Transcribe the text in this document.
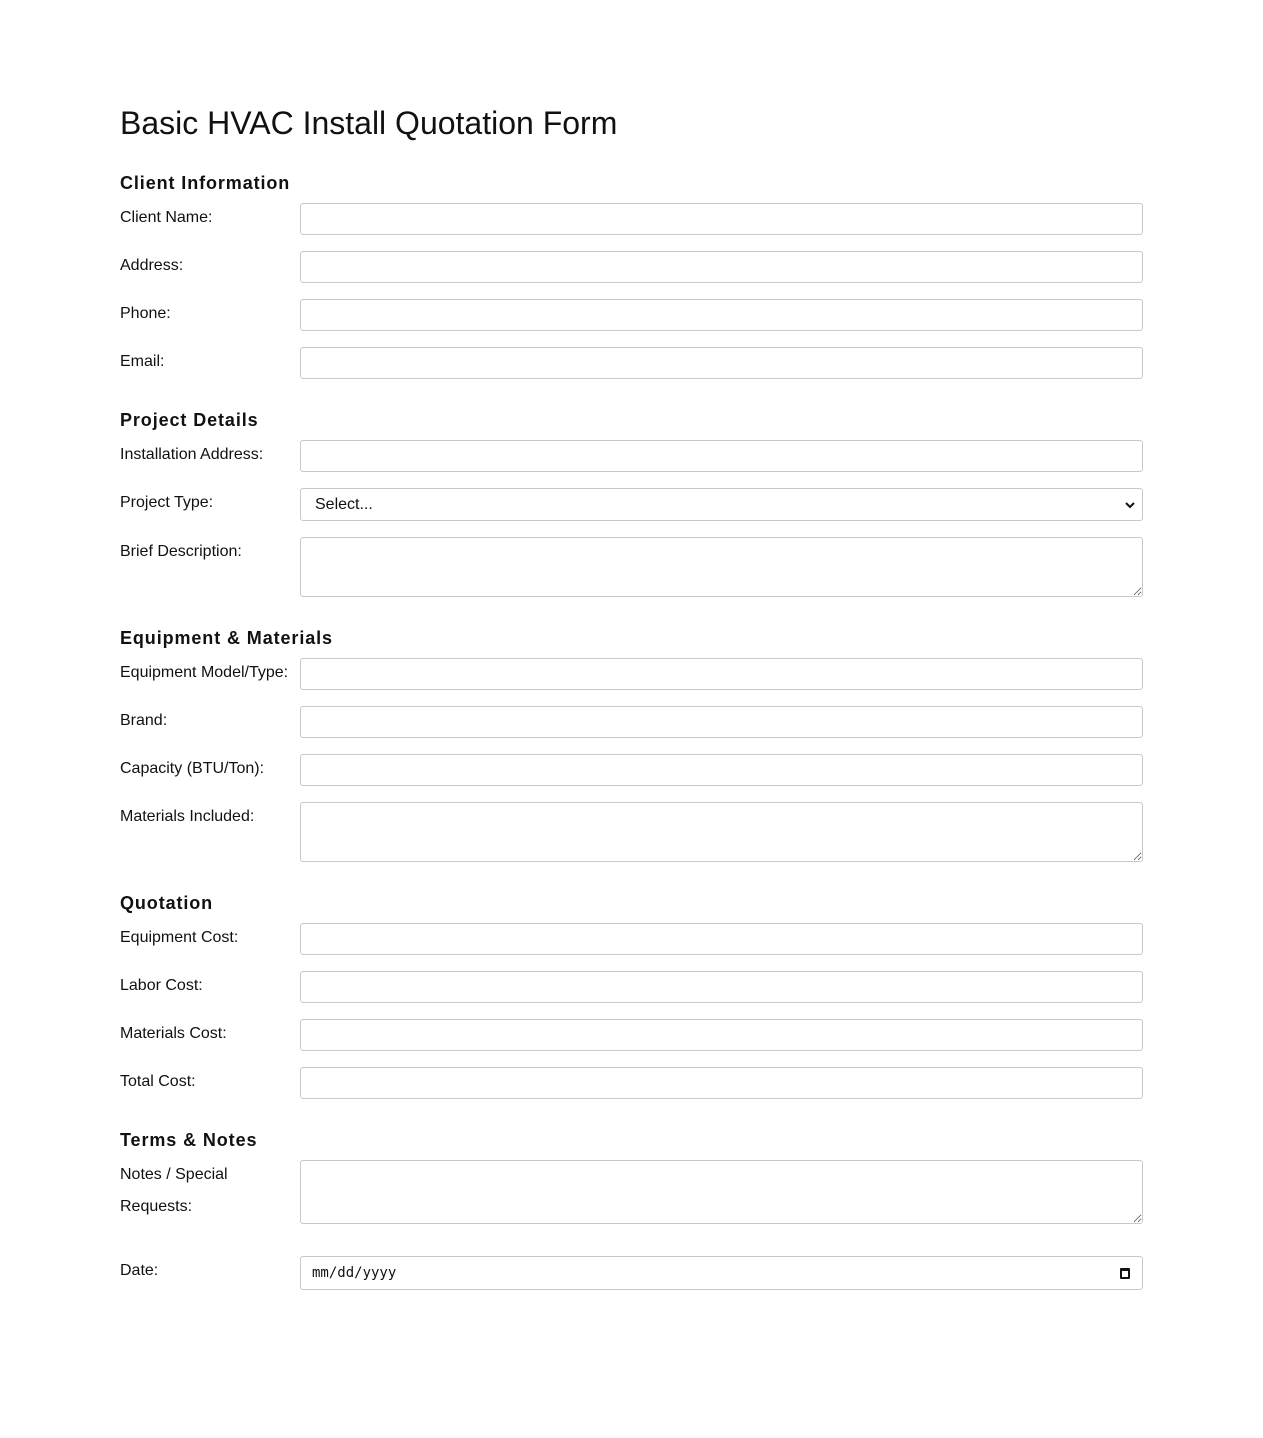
Basic HVAC Install Quotation Form
Client Information
Client Name:
Address:
Phone:
Email:
Project Details
Installation Address:
Project Type:	Select...
Brief Description:
Equipment & Materials
Equipment Model/Type:
Brand:
Capacity (BTU/Ton):
Materials Included:
Quotation
Equipment Cost:
Labor Cost:
Materials Cost:
Total Cost:
Terms & Notes
Notes / Special
Requests:
Date:	mm/dd/yyyy
